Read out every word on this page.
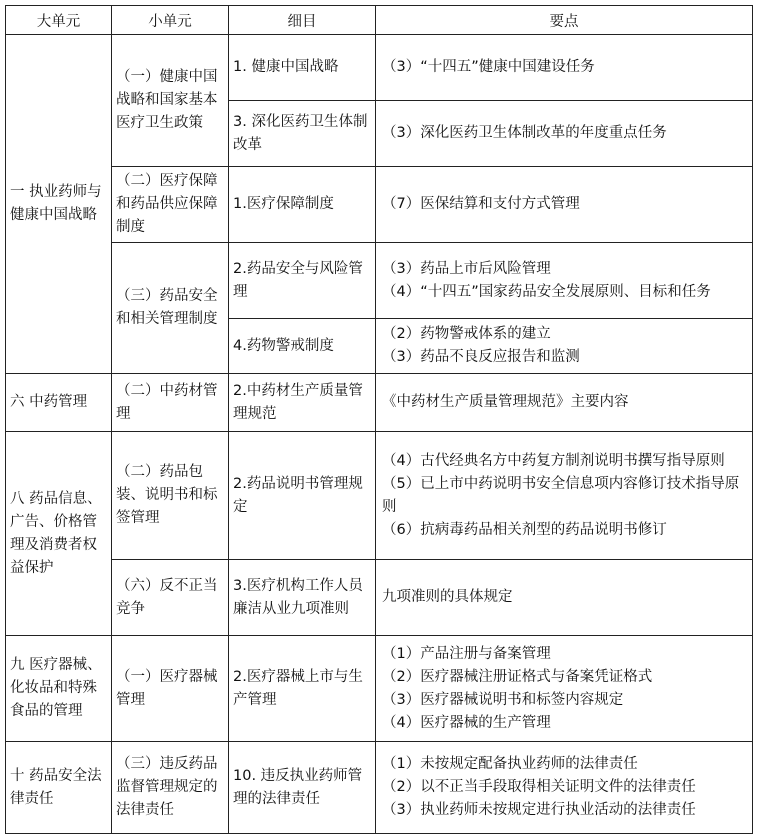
大单元	小单元	细目	要点
一 执业药师与健康中国战略	（一）健康中国战略和国家基本医疗卫生政策	1. 健康中国战略	（3）“十四五”健康中国建设任务

		3. 深化医药卫生体制改革	（3）深化医药卫生体制改革的年度重点任务

	（二）医疗保障和药品供应保障制度	1.医疗保障制度	（7）医保结算和支付方式管理

	（三）药品安全和相关管理制度	2.药品安全与风险管理	（3）药品上市后风险管理
（4）“十四五”国家药品安全发展原则、目标和任务

		4.药物警戒制度	（2）药物警戒体系的建立
（3）药品不良反应报告和监测

六 中药管理	（二）中药材管理	2.中药材生产质量管理规范	《中药材生产质量管理规范》主要内容

八 药品信息、广告、价格管理及消费者权益保护	（二）药品包装、说明书和标签管理	2.药品说明书管理规定	（4）古代经典名方中药复方制剂说明书撰写指导原则
（5）已上市中药说明书安全信息项内容修订技术指导原则
（6）抗病毒药品相关剂型的药品说明书修订

	（六）反不正当竞争	3.医疗机构工作人员廉洁从业九项准则	九项准则的具体规定

九 医疗器械、化妆品和特殊食品的管理	（一）医疗器械管理	2.医疗器械上市与生产管理	（1）产品注册与备案管理
（2）医疗器械注册证格式与备案凭证格式
（3）医疗器械说明书和标签内容规定
（4）医疗器械的生产管理

十 药品安全法律责任	（三）违反药品监督管理规定的法律责任	10. 违反执业药师管理的法律责任	（1）未按规定配备执业药师的法律责任
（2）以不正当手段取得相关证明文件的法律责任
（3）执业药师未按规定进行执业活动的法律责任
